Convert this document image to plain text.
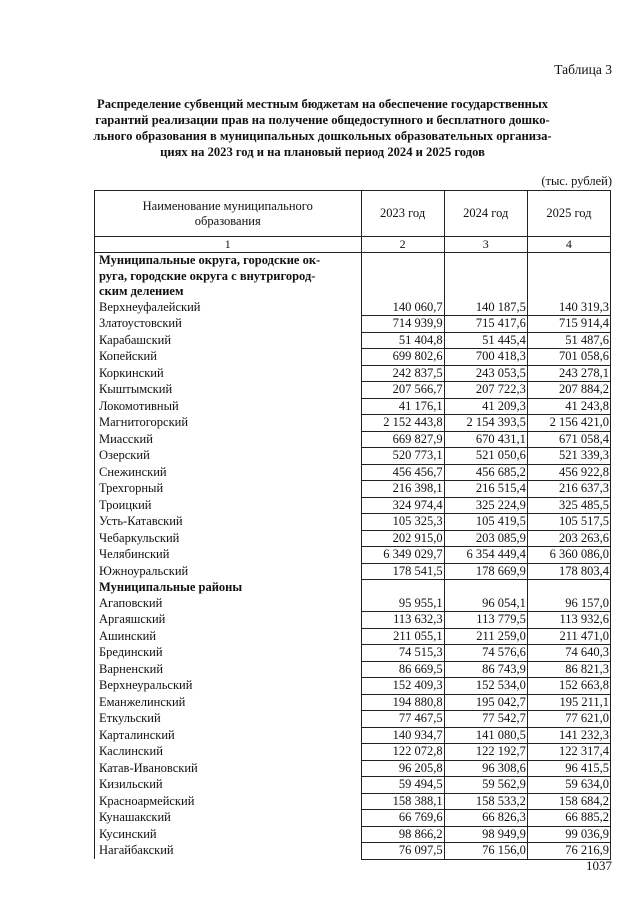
Таблица 3
Распределение субвенций местным бюджетам на обеспечение государственных
гарантий реализации прав на получение общедоступного и бесплатного дошко-
льного образования в муниципальных дошкольных образовательных организа-
циях на 2023 год и на плановый период 2024 и 2025 годов
(тыс. рублей)
Наименование муниципального
образования	2023 год	2024 год	2025 год
1	2	3	4
Муниципальные округа, городские ок-
руга, городские округа с внутригород-
ским делением			
Верхнеуфалейский	140 060,7	140 187,5	140 319,3
Златоустовский	714 939,9	715 417,6	715 914,4
Карабашский	51 404,8	51 445,4	51 487,6
Копейский	699 802,6	700 418,3	701 058,6
Коркинский	242 837,5	243 053,5	243 278,1
Кыштымский	207 566,7	207 722,3	207 884,2
Локомотивный	41 176,1	41 209,3	41 243,8
Магнитогорский	2 152 443,8	2 154 393,5	2 156 421,0
Миасский	669 827,9	670 431,1	671 058,4
Озерский	520 773,1	521 050,6	521 339,3
Снежинский	456 456,7	456 685,2	456 922,8
Трехгорный	216 398,1	216 515,4	216 637,3
Троицкий	324 974,4	325 224,9	325 485,5
Усть-Катавский	105 325,3	105 419,5	105 517,5
Чебаркульский	202 915,0	203 085,9	203 263,6
Челябинский	6 349 029,7	6 354 449,4	6 360 086,0
Южноуральский	178 541,5	178 669,9	178 803,4
Муниципальные районы			
Агаповский	95 955,1	96 054,1	96 157,0
Аргаяшский	113 632,3	113 779,5	113 932,6
Ашинский	211 055,1	211 259,0	211 471,0
Брединский	74 515,3	74 576,6	74 640,3
Варненский	86 669,5	86 743,9	86 821,3
Верхнеуральский	152 409,3	152 534,0	152 663,8
Еманжелинский	194 880,8	195 042,7	195 211,1
Еткульский	77 467,5	77 542,7	77 621,0
Карталинский	140 934,7	141 080,5	141 232,3
Каслинский	122 072,8	122 192,7	122 317,4
Катав-Ивановский	96 205,8	96 308,6	96 415,5
Кизильский	59 494,5	59 562,9	59 634,0
Красноармейский	158 388,1	158 533,2	158 684,2
Кунашакский	66 769,6	66 826,3	66 885,2
Кусинский	98 866,2	98 949,9	99 036,9
Нагайбакский	76 097,5	76 156,0	76 216,9
1037
